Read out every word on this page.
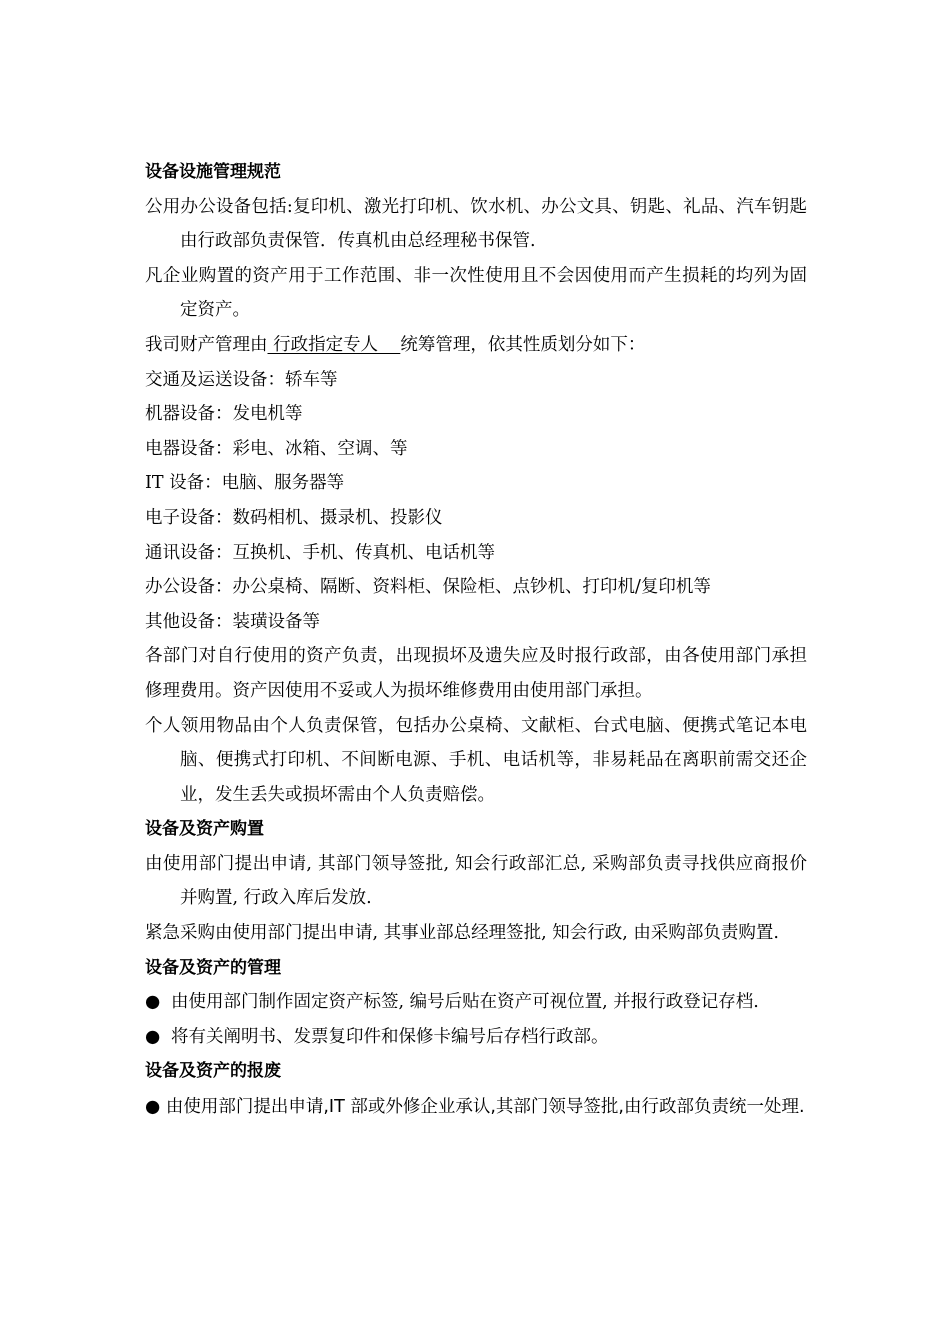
设备设施管理规范

公用办公设备包括:复印机、激光打印机、饮水机、办公文具、钥匙、礼品、汽车钥匙由行政部负责保管．传真机由总经理秘书保管.

凡企业购置的资产用于工作范围、非一次性使用且不会因使用而产生损耗的均列为固定资产。

我司财产管理由 行政指定专人    统筹管理，依其性质划分如下：

交通及运送设备：轿车等

机器设备：发电机等

电器设备：彩电、冰箱、空调、等

IT 设备：电脑、服务器等

电子设备：数码相机、摄录机、投影仪

通讯设备：互换机、手机、传真机、电话机等

办公设备：办公桌椅、隔断、资料柜、保险柜、点钞机、打印机/复印机等

其他设备：装璜设备等

各部门对自行使用的资产负责，出现损坏及遗失应及时报行政部，由各使用部门承担修理费用。资产因使用不妥或人为损坏维修费用由使用部门承担。

个人领用物品由个人负责保管，包括办公桌椅、文献柜、台式电脑、便携式笔记本电脑、便携式打印机、不间断电源、手机、电话机等，非易耗品在离职前需交还企业，发生丢失或损坏需由个人负责赔偿。

设备及资产购置

由使用部门提出申请, 其部门领导签批, 知会行政部汇总, 采购部负责寻找供应商报价并购置, 行政入库后发放.

紧急采购由使用部门提出申请, 其事业部总经理签批, 知会行政, 由采购部负责购置.

设备及资产的管理

● 由使用部门制作固定资产标签, 编号后贴在资产可视位置, 并报行政登记存档.

● 将有关阐明书、发票复印件和保修卡编号后存档行政部。

设备及资产的报废

● 由使用部门提出申请,IT 部或外修企业承认,其部门领导签批,由行政部负责统一处理.
